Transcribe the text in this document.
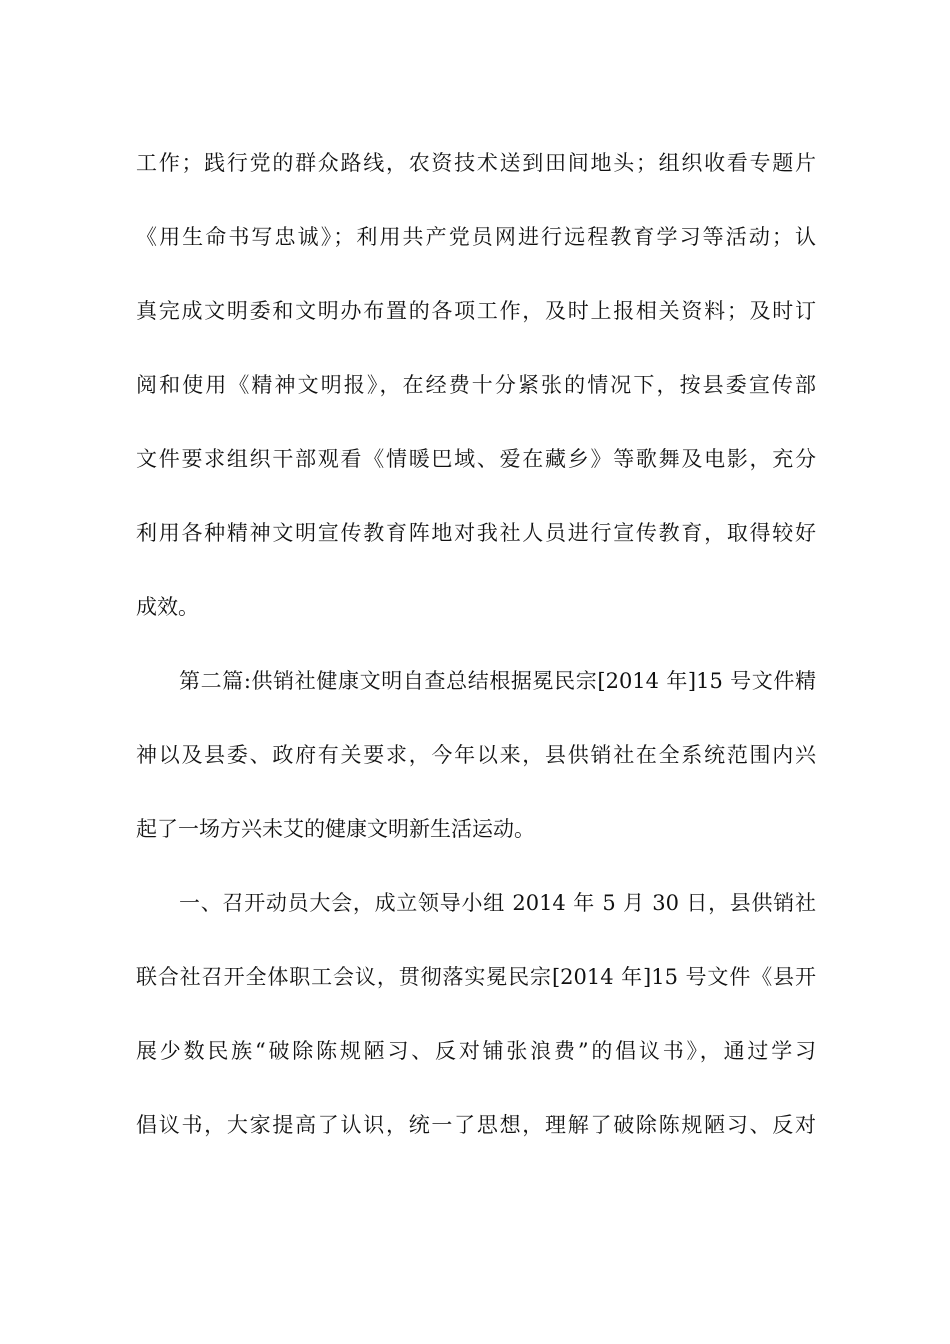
工作；践行党的群众路线，农资技术送到田间地头；组织收看专题片
《用生命书写忠诚》；利用共产党员网进行远程教育学习等活动；认
真完成文明委和文明办布置的各项工作，及时上报相关资料；及时订
阅和使用《精神文明报》，在经费十分紧张的情况下，按县委宣传部
文件要求组织干部观看《情暖巴域、爱在藏乡》等歌舞及电影，充分
利用各种精神文明宣传教育阵地对我社人员进行宣传教育，取得较好
成效。
第二篇:供销社健康文明自查总结根据冕民宗[2014 年]15 号文件精
神以及县委、政府有关要求，今年以来，县供销社在全系统范围内兴
起了一场方兴未艾的健康文明新生活运动。
一、召开动员大会，成立领导小组 2014 年 5 月 30 日，县供销社
联合社召开全体职工会议，贯彻落实冕民宗[2014 年]15 号文件《县开
展少数民族“破除陈规陋习、反对铺张浪费”的倡议书》，通过学习
倡议书，大家提高了认识，统一了思想，理解了破除陈规陋习、反对
